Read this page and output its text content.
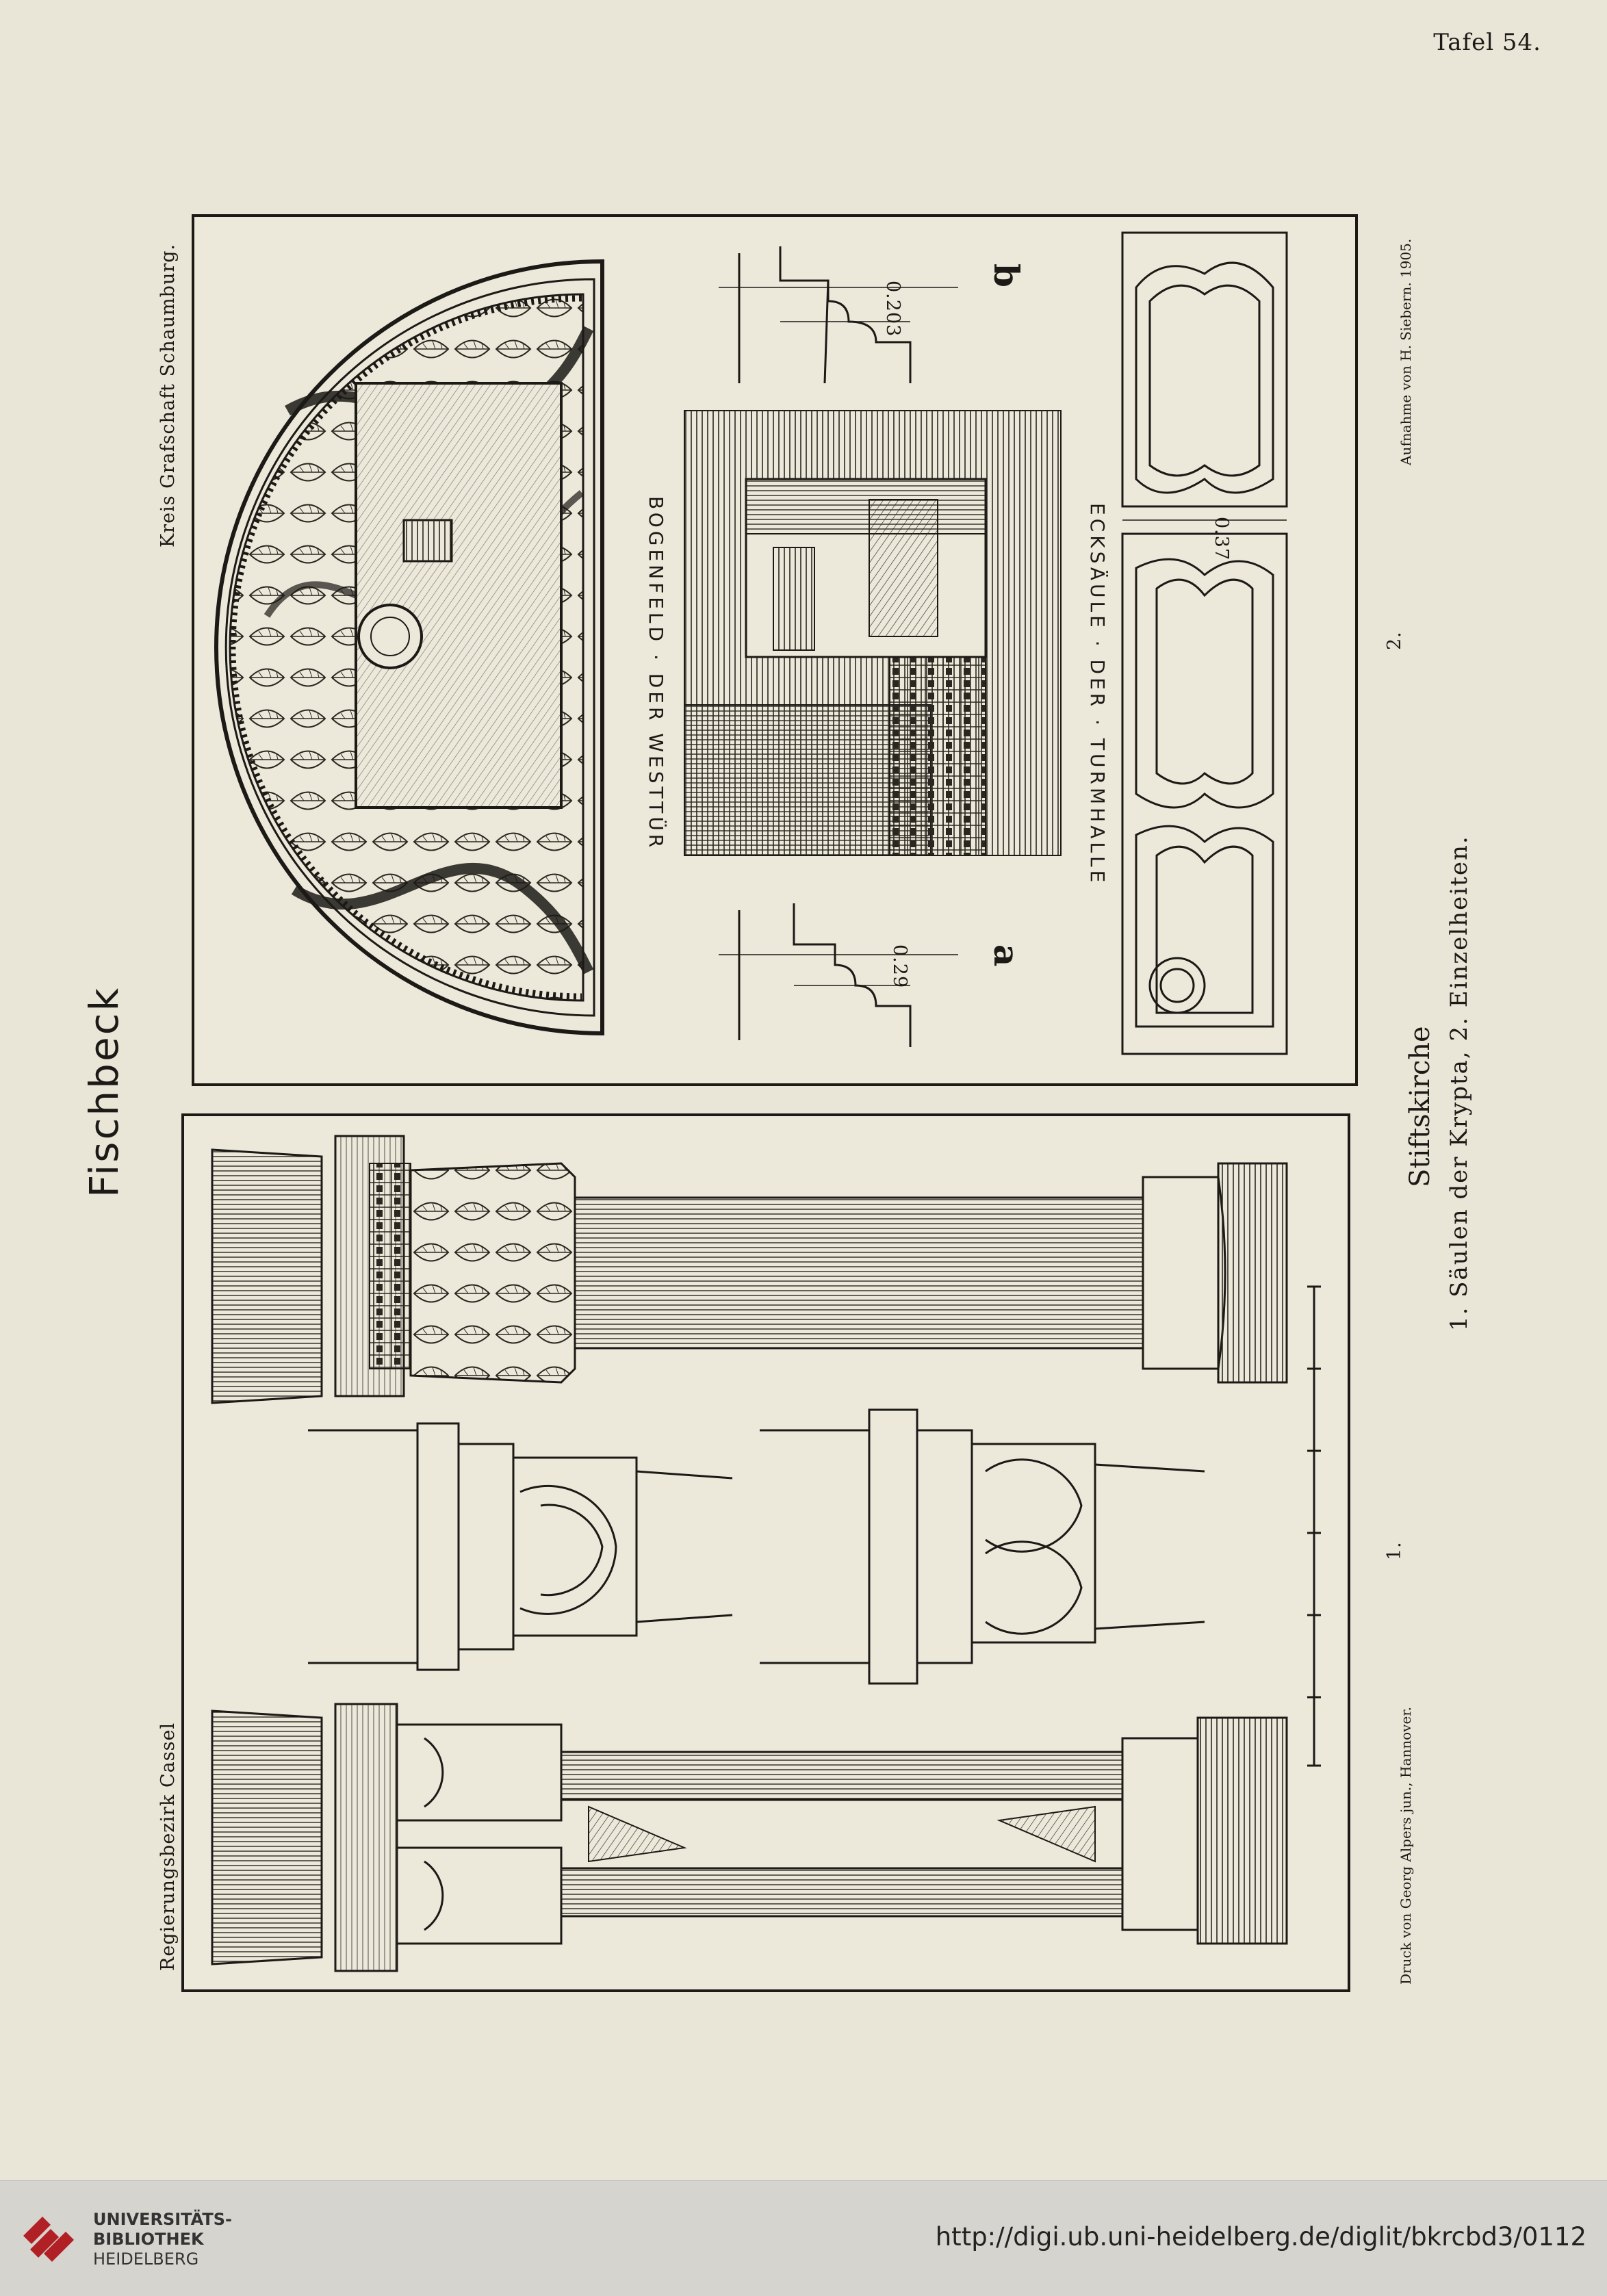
Tafel 54.
Fischbeck
Regierungsbezirk Cassel
Kreis Grafschaft Schaumburg.
Druck von Georg Alpers jun., Hannover.
Aufnahme von H. Siebern. 1905.
1.
2.
Stiftskirche 1. Säulen der Krypta, 2. Einzelheiten.
BOGENFELD · DER WESTTÜR	ECKSÄULE · DER · TURMHALLE
b
a
0.203
0.29
0.37
UNIVERSITÄTS-
BIBLIOTHEK
HEIDELBERG
http://digi.ub.uni-heidelberg.de/diglit/bkrcbd3/0112
